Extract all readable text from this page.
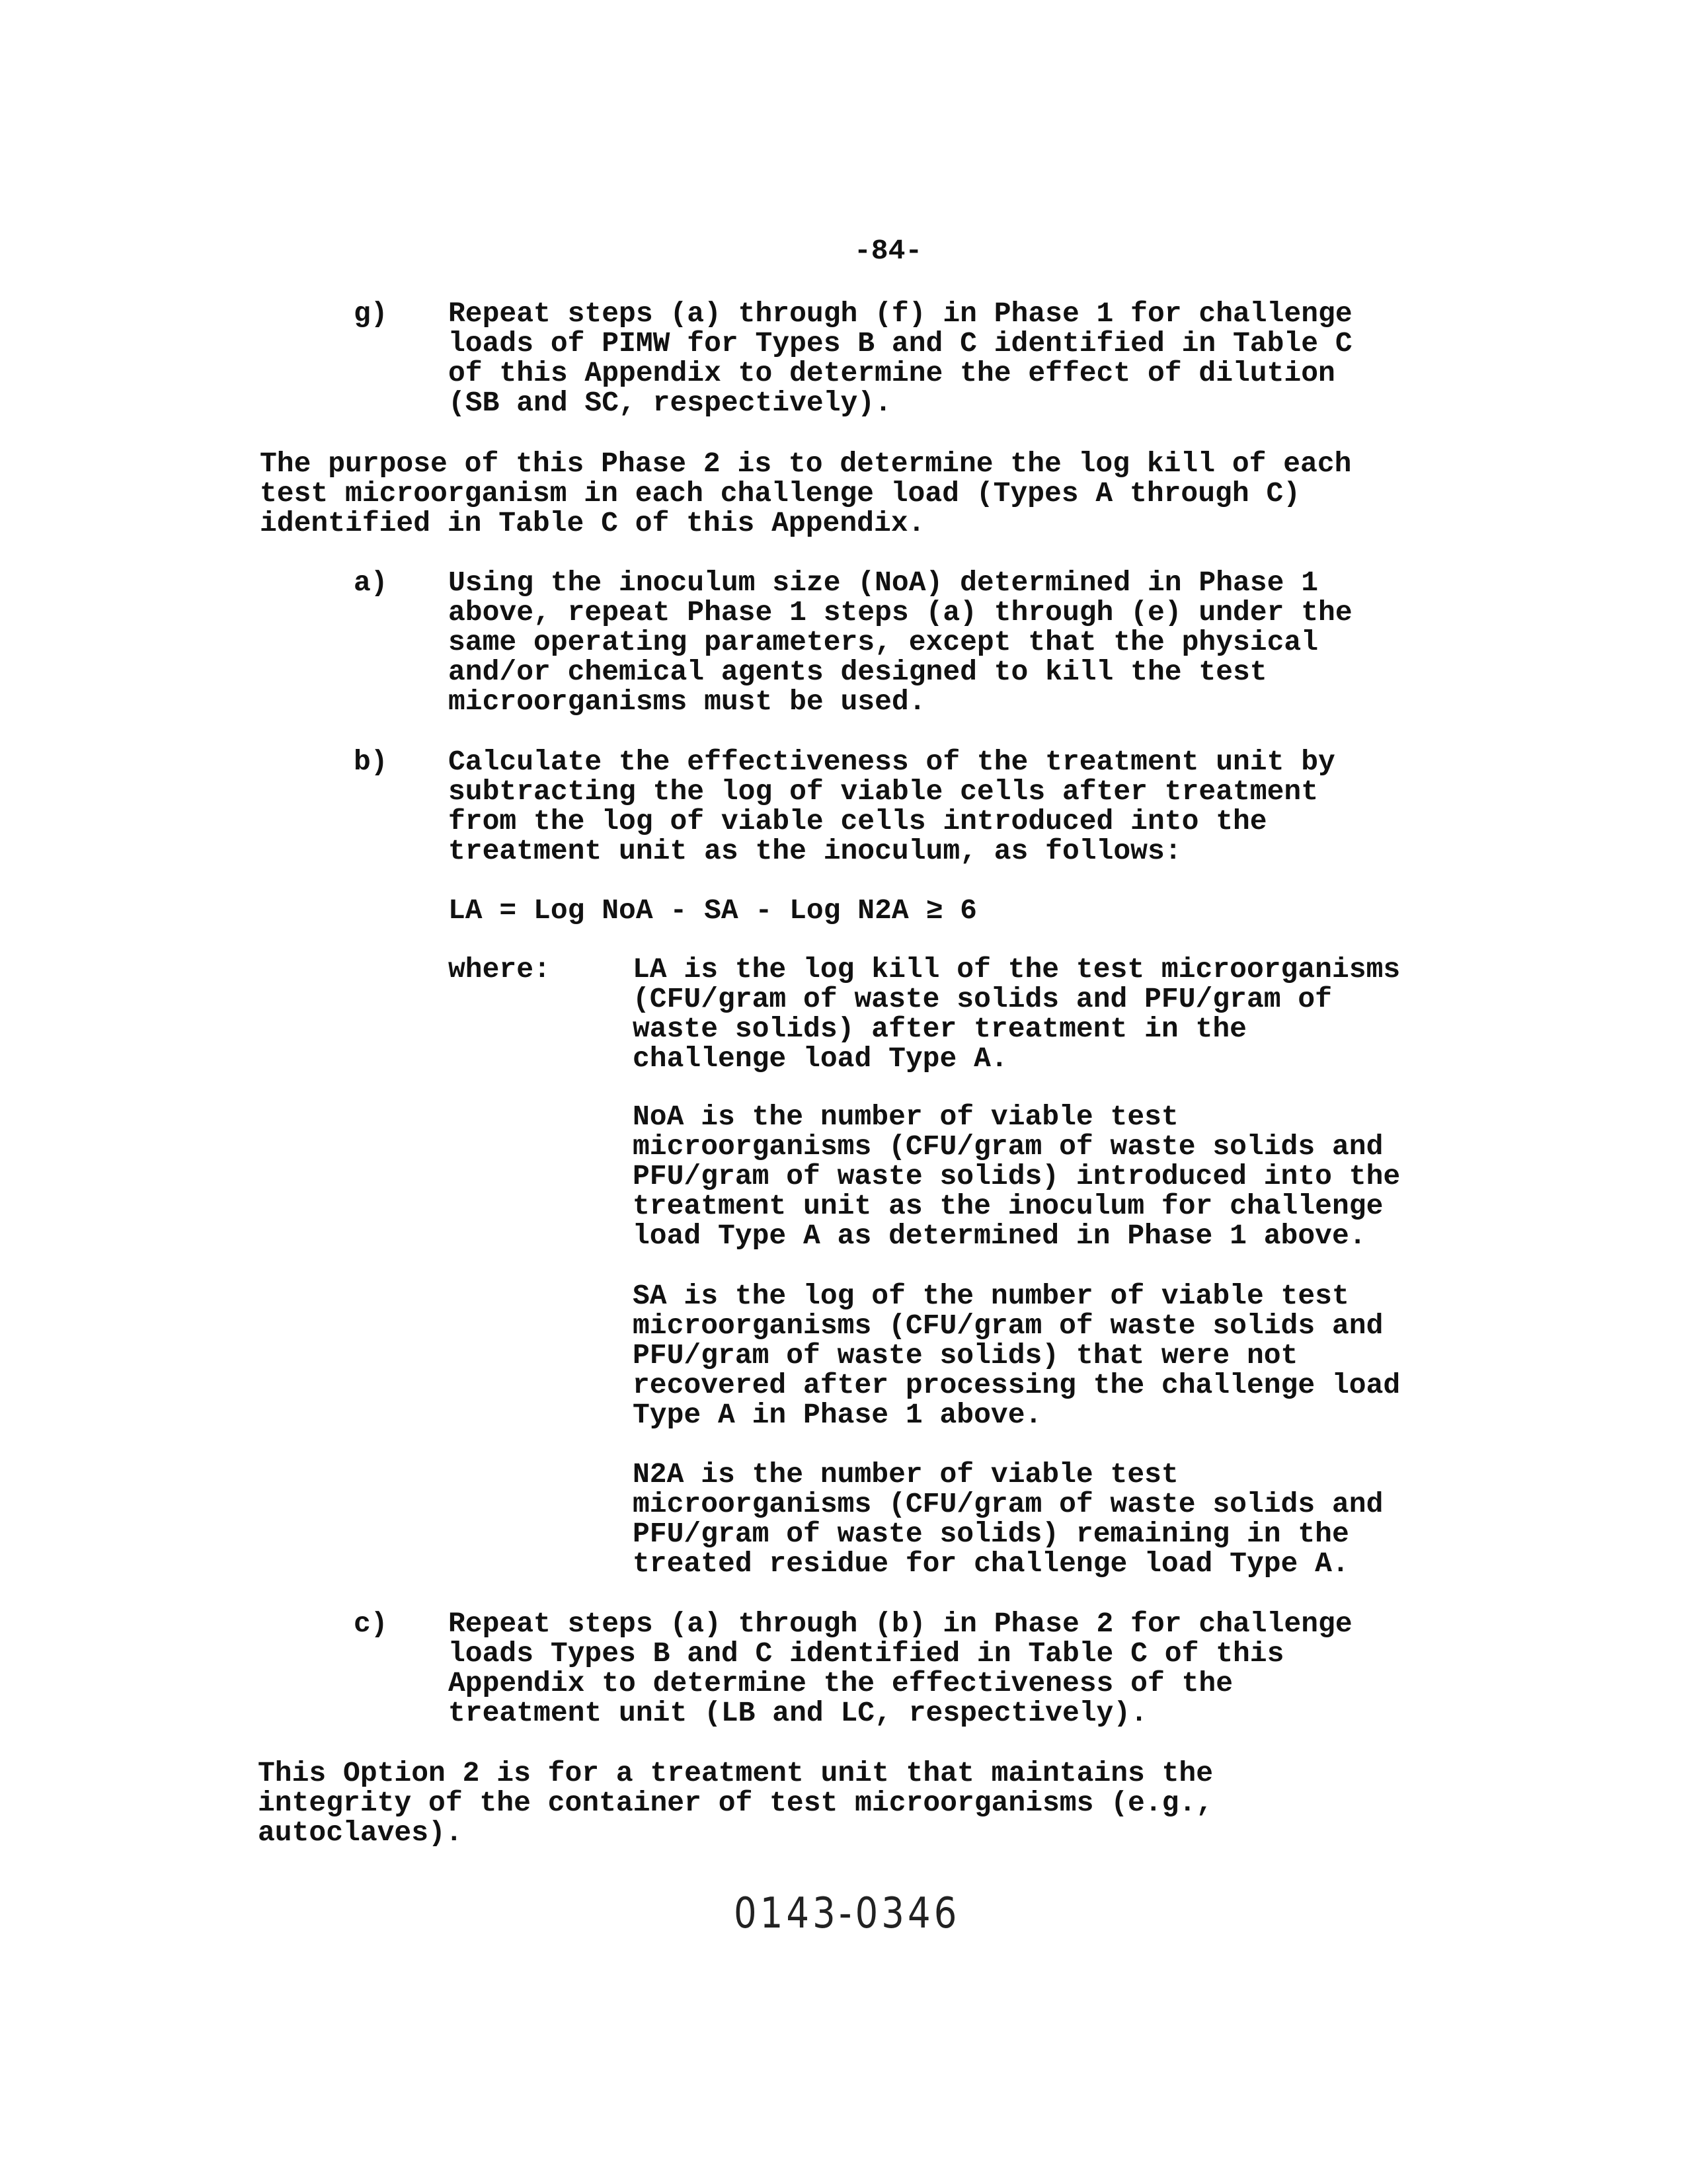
-84-
g) Repeat steps (a) through (f) in Phase 1 for challenge
loads of PIMW for Types B and C identified in Table C
of this Appendix to determine the effect of dilution
(SB and SC, respectively).
The purpose of this Phase 2 is to determine the log kill of each
test microorganism in each challenge load (Types A through C)
identified in Table C of this Appendix.
a) Using the inoculum size (NoA) determined in Phase 1
above, repeat Phase 1 steps (a) through (e) under the
same operating parameters, except that the physical
and/or chemical agents designed to kill the test
microorganisms must be used.
b) Calculate the effectiveness of the treatment unit by
subtracting the log of viable cells after treatment
from the log of viable cells introduced into the
treatment unit as the inoculum, as follows:
LA = Log NoA - SA - Log N2A ≥ 6
where:	LA is the log kill of the test microorganisms
(CFU/gram of waste solids and PFU/gram of
waste solids) after treatment in the
challenge load Type A.
NoA is the number of viable test
microorganisms (CFU/gram of waste solids and
PFU/gram of waste solids) introduced into the
treatment unit as the inoculum for challenge
load Type A as determined in Phase 1 above.
SA is the log of the number of viable test
microorganisms (CFU/gram of waste solids and
PFU/gram of waste solids) that were not
recovered after processing the challenge load
Type A in Phase 1 above.
N2A is the number of viable test
microorganisms (CFU/gram of waste solids and
PFU/gram of waste solids) remaining in the
treated residue for challenge load Type A.
c) Repeat steps (a) through (b) in Phase 2 for challenge
loads Types B and C identified in Table C of this
Appendix to determine the effectiveness of the
treatment unit (LB and LC, respectively).
This Option 2 is for a treatment unit that maintains the
integrity of the container of test microorganisms (e.g.,
autoclaves).
0143-0346
